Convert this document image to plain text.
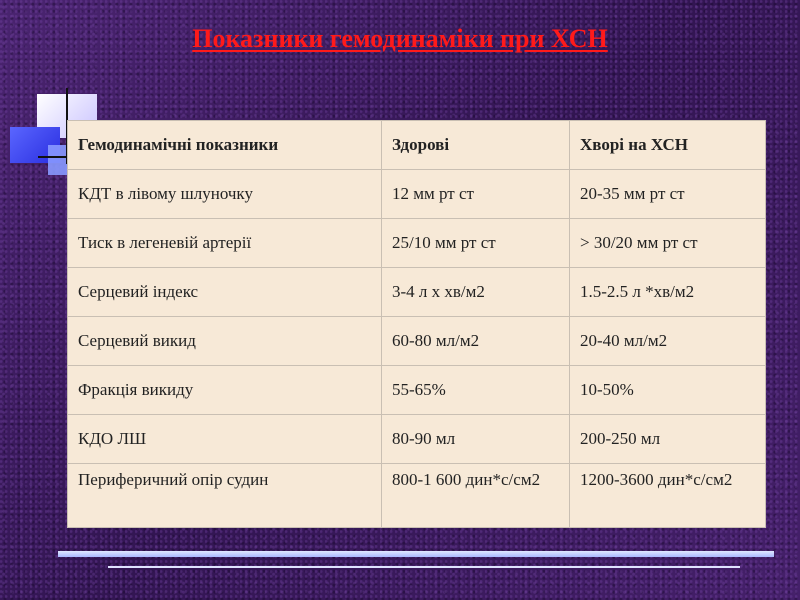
Показники гемодинаміки при ХСН
Гемодинамічні показники	Здорові	Хворі на ХСН
КДТ в лівому шлуночку	12 мм рт ст	20-35 мм рт ст
Тиск в легеневій артерії	25/10 мм рт ст	> 30/20 мм рт ст
Серцевий індекс	3-4 л х хв/м2	1.5-2.5 л *хв/м2
Серцевий викид	60-80 мл/м2	20-40 мл/м2
Фракція викиду	55-65%	10-50%
КДО ЛШ	80-90 мл	200-250 мл
Периферичний опір судин	800-1 600 дин*с/см2	1200-3600 дин*с/см2
